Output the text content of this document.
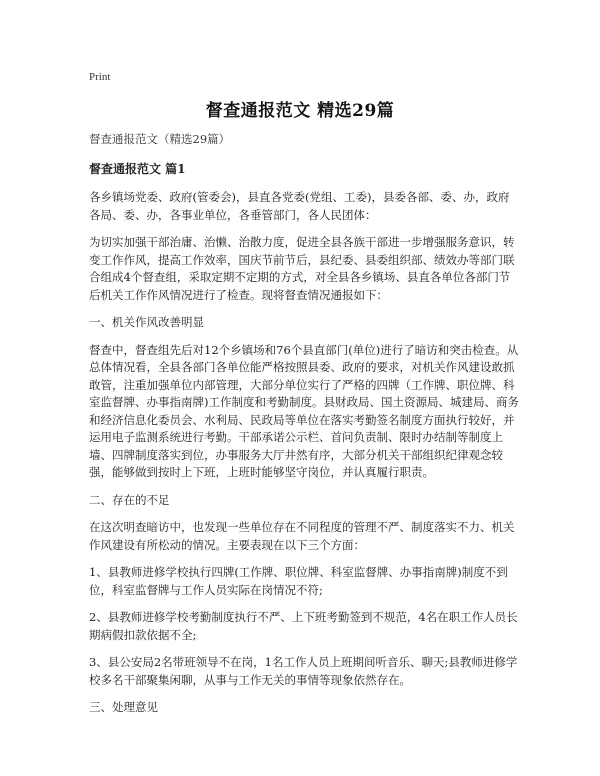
Print
督查通报范文 精选29篇

督查通报范文（精选29篇）

督查通报范文 篇1

各乡镇场党委、政府(管委会)，县直各党委(党组、工委)，县委各部、委、办，政府各局、委、办，各事业单位，各垂管部门，各人民团体：

为切实加强干部治庸、治懒、治散力度，促进全县各族干部进一步增强服务意识，转变工作作风，提高工作效率，国庆节前节后，县纪委、县委组织部、绩效办等部门联合组成4个督查组，采取定期不定期的方式，对全县各乡镇场、县直各单位各部门节后机关工作作风情况进行了检查。现将督查情况通报如下：

一、机关作风改善明显

督查中，督查组先后对12个乡镇场和76个县直部门(单位)进行了暗访和突击检查。从总体情况看，全县各部门各单位能严格按照县委、政府的要求，对机关作风建设敢抓敢管，注重加强单位内部管理，大部分单位实行了严格的四牌（工作牌、职位牌、科室监督牌、办事指南牌)工作制度和考勤制度。县财政局、国土资源局、城建局、商务和经济信息化委员会、水利局、民政局等单位在落实考勤签名制度方面执行较好，并运用电子监测系统进行考勤。干部承诺公示栏、首问负责制、限时办结制等制度上墙、四牌制度落实到位，办事服务大厅井然有序，大部分机关干部组织纪律观念较强，能够做到按时上下班，上班时能够坚守岗位，并认真履行职责。

二、存在的不足

在这次明查暗访中，也发现一些单位存在不同程度的管理不严、制度落实不力、机关作风建设有所松动的情况。主要表现在以下三个方面：

1、县教师进修学校执行四牌(工作牌、职位牌、科室监督牌、办事指南牌)制度不到位，科室监督牌与工作人员实际在岗情况不符;

2、县教师进修学校考勤制度执行不严、上下班考勤签到不规范，4名在职工作人员长期病假扣款依据不全;

3、县公安局2名带班领导不在岗，1名工作人员上班期间听音乐、聊天;县教师进修学校多名干部聚集闲聊，从事与工作无关的事情等现象依然存在。

三、处理意见
